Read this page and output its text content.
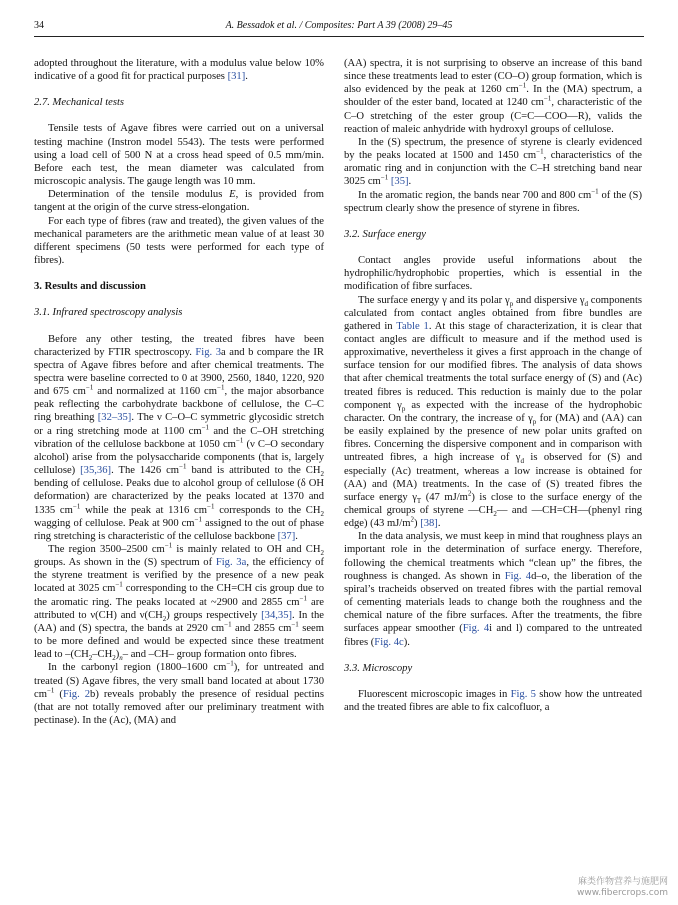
34	A. Bessadok et al. / Composites: Part A 39 (2008) 29–45

adopted throughout the literature, with a modulus value below 10% indicative of a good fit for practical purposes [31].

2.7. Mechanical tests

Tensile tests of Agave fibres were carried out on a universal testing machine (Instron model 5543). The tests were performed using a load cell of 500 N at a cross head speed of 0.5 mm/min. Before each test, the mean diameter was calculated from microscopic analysis. The gauge length was 10 mm.

Determination of the tensile modulus E, is provided from tangent at the origin of the curve stress-elongation.

For each type of fibres (raw and treated), the given values of the mechanical parameters are the arithmetic mean value of at least 30 different specimens (50 tests were performed for each type of fibres).

3. Results and discussion

3.1. Infrared spectroscopy analysis

Before any other testing, the treated fibres have been characterized by FTIR spectroscopy. Fig. 3a and b compare the IR spectra of Agave fibres before and after chemical treatments. The spectra were baseline corrected to 0 at 3900, 2560, 1840, 1220, 920 and 675 $cm^{-1}$ and normalized at 1160 $cm^{-1}$, the major absorbance peak reflecting the carbohydrate backbone of cellulose, the C–C ring breathing [32–35]. The ν C–O–C symmetric glycosidic stretch or a ring stretching mode at 1100 $cm^{-1}$ and the C–OH stretching vibration of the cellulose backbone at 1050 $cm^{-1}$ (ν C–O secondary alcohol) arise from the polysaccharide components (that is, largely cellulose) [35,36]. The 1426 $cm^{-1}$ band is attributed to the $CH_2$ bending of cellulose. Peaks due to alcohol group of cellulose (δ OH deformation) are characterized by the peaks located at 1370 and 1335 $cm^{-1}$ while the peak at 1316 $cm^{-1}$ corresponds to the $CH_2$ wagging of cellulose. Peak at 900 $cm^{-1}$ assigned to the out of phase ring stretching is characteristic of the cellulose backbone [37].

The region 3500–2500 $cm^{-1}$ is mainly related to OH and $CH_2$ groups. As shown in the (S) spectrum of Fig. 3a, the efficiency of the styrene treatment is verified by the presence of a new peak located at 3025 $cm^{-1}$ corresponding to the CH=CH cis group due to the aromatic ring. The peaks located at ~2900 and 2855 $cm^{-1}$ are attributed to ν(CH) and $\nu(CH_2)$ groups respectively [34,35]. In the (AA) and (S) spectra, the bands at 2920 $cm^{-1}$ and 2855 $cm^{-1}$ seem to be more defined and would be expected since these treatment lead to $-(CH_2-CH_2)_n-$ and –CH– group formation onto fibres.

In the carbonyl region (1800–1600 $cm^{-1}$), for untreated and treated (S) Agave fibres, the very small band located at about 1730 $cm^{-1}$ (Fig. 2b) reveals probably the presence of residual pectins (that are not totally removed after our preliminary treatment with pectinase). In the (Ac), (MA) and

(AA) spectra, it is not surprising to observe an increase of this band since these treatments lead to ester (CO–O) group formation, which is also evidenced by the peak at 1260 $cm^{-1}$. In the (MA) spectrum, a shoulder of the ester band, located at 1240 $cm^{-1}$, characteristic of the C–O stretching of the ester group (C=C—COO—R), valids the reaction of maleic anhydride with hydroxyl groups of cellulose.

In the (S) spectrum, the presence of styrene is clearly evidenced by the peaks located at 1500 and 1450 $cm^{-1}$, characteristics of the aromatic ring and in conjunction with the C–H stretching band near 3025 $cm^{-1}$ [35].

In the aromatic region, the bands near 700 and 800 $cm^{-1}$ of the (S) spectrum clearly show the presence of styrene in fibres.

3.2. Surface energy

Contact angles provide useful informations about the hydrophilic/hydrophobic properties, which is essential in the modification of fibre surfaces.

The surface energy γ and its polar $\gamma_p$ and dispersive $\gamma_d$ components calculated from contact angles obtained from fibre bundles are gathered in Table 1. At this stage of characterization, it is clear that contact angles are difficult to measure and if the method used is approximative, nevertheless it gives a first approach in the change of surface tension for our modified fibres. The analysis of data shows that after chemical treatments the total surface energy of (S) and (Ac) treated fibres is reduced. This reduction is mainly due to the polar component $\gamma_p$ as expected with the increase of the hydrophobic character. On the contrary, the increase of $\gamma_p$ for (MA) and (AA) can be easily explained by the presence of new polar units grafted on fibres. Concerning the dispersive component and in comparison with untreated fibres, a high increase of $\gamma_d$ is observed for (S) and especially (Ac) treatment, whereas a low increase is obtained for (AA) and (MA) treatments. In the case of (S) treated fibres the surface energy $\gamma_T$ (47 $mJ/m^2$) is close to the surface energy of the chemical groups of styrene $—CH_2—$ and —CH=CH—(phenyl ring edge) (43 $mJ/m^2$) [38].

In the data analysis, we must keep in mind that roughness plays an important role in the determination of surface energy. Therefore, following the chemical treatments which “clean up” the fibres, the roughness is changed. As shown in Fig. 4d–o, the liberation of the spiral’s tracheids observed on treated fibres with the partial removal of cementing materials leads to change both the roughness and the chemical nature of the fibre surfaces. After the treatments, the fibre surfaces appear smoother (Fig. 4i and l) compared to the untreated fibres (Fig. 4c).

3.3. Microscopy

Fluorescent microscopic images in Fig. 5 show how the untreated and the treated fibres are able to fix calcofluor, a

麻类作物营养与施肥网
www.fibercrops.com
